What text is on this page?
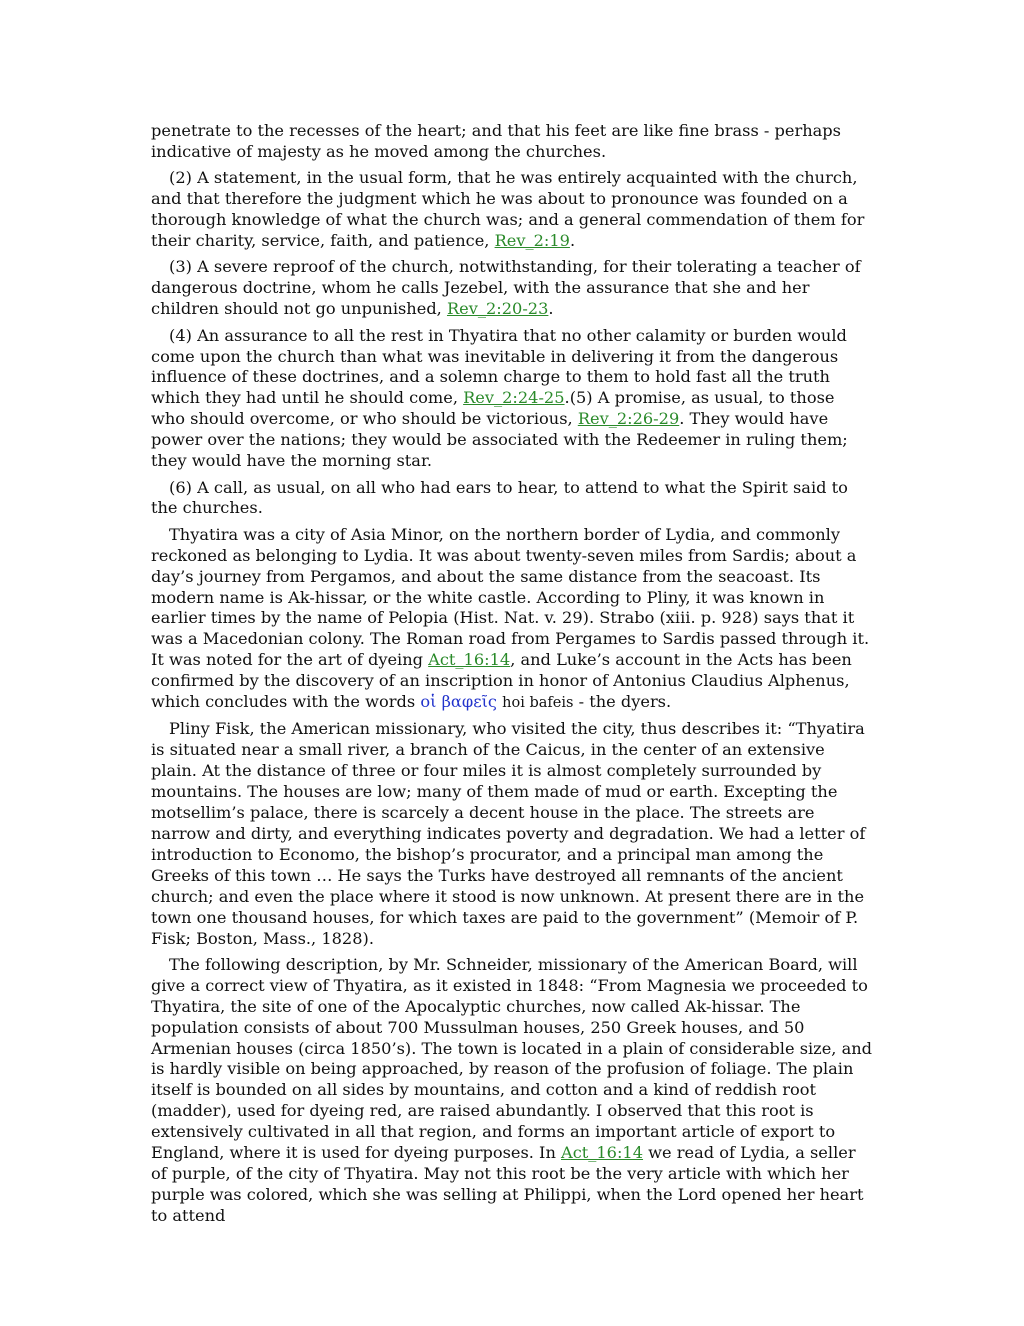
penetrate to the recesses of the heart; and that his feet are like fine brass - perhaps indicative of majesty as he moved among the churches.

(2) A statement, in the usual form, that he was entirely acquainted with the church, and that therefore the judgment which he was about to pronounce was founded on a thorough knowledge of what the church was; and a general commendation of them for their charity, service, faith, and patience, Rev_2:19.

(3) A severe reproof of the church, notwithstanding, for their tolerating a teacher of dangerous doctrine, whom he calls Jezebel, with the assurance that she and her children should not go unpunished, Rev_2:20-23.

(4) An assurance to all the rest in Thyatira that no other calamity or burden would come upon the church than what was inevitable in delivering it from the dangerous influence of these doctrines, and a solemn charge to them to hold fast all the truth which they had until he should come, Rev_2:24-25.(5) A promise, as usual, to those who should overcome, or who should be victorious, Rev_2:26-29. They would have power over the nations; they would be associated with the Redeemer in ruling them; they would have the morning star.

(6) A call, as usual, on all who had ears to hear, to attend to what the Spirit said to the churches.

Thyatira was a city of Asia Minor, on the northern border of Lydia, and commonly reckoned as belonging to Lydia. It was about twenty-seven miles from Sardis; about a day’s journey from Pergamos, and about the same distance from the seacoast. Its modern name is Ak-hissar, or the white castle. According to Pliny, it was known in earlier times by the name of Pelopia (Hist. Nat. v. 29). Strabo (xiii. p. 928) says that it was a Macedonian colony. The Roman road from Pergames to Sardis passed through it. It was noted for the art of dyeing Act_16:14, and Luke’s account in the Acts has been confirmed by the discovery of an inscription in honor of Antonius Claudius Alphenus, which concludes with the words οἱ βαφεῖς hoi bafeis - the dyers.

Pliny Fisk, the American missionary, who visited the city, thus describes it: “Thyatira is situated near a small river, a branch of the Caicus, in the center of an extensive plain. At the distance of three or four miles it is almost completely surrounded by mountains. The houses are low; many of them made of mud or earth. Excepting the motsellim’s palace, there is scarcely a decent house in the place. The streets are narrow and dirty, and everything indicates poverty and degradation. We had a letter of introduction to Economo, the bishop’s procurator, and a principal man among the Greeks of this town … He says the Turks have destroyed all remnants of the ancient church; and even the place where it stood is now unknown. At present there are in the town one thousand houses, for which taxes are paid to the government” (Memoir of P. Fisk; Boston, Mass., 1828).

The following description, by Mr. Schneider, missionary of the American Board, will give a correct view of Thyatira, as it existed in 1848: “From Magnesia we proceeded to Thyatira, the site of one of the Apocalyptic churches, now called Ak-hissar. The population consists of about 700 Mussulman houses, 250 Greek houses, and 50 Armenian houses (circa 1850’s). The town is located in a plain of considerable size, and is hardly visible on being approached, by reason of the profusion of foliage. The plain itself is bounded on all sides by mountains, and cotton and a kind of reddish root (madder), used for dyeing red, are raised abundantly. I observed that this root is extensively cultivated in all that region, and forms an important article of export to England, where it is used for dyeing purposes. In Act_16:14 we read of Lydia, a seller of purple, of the city of Thyatira. May not this root be the very article with which her purple was colored, which she was selling at Philippi, when the Lord opened her heart to attend
